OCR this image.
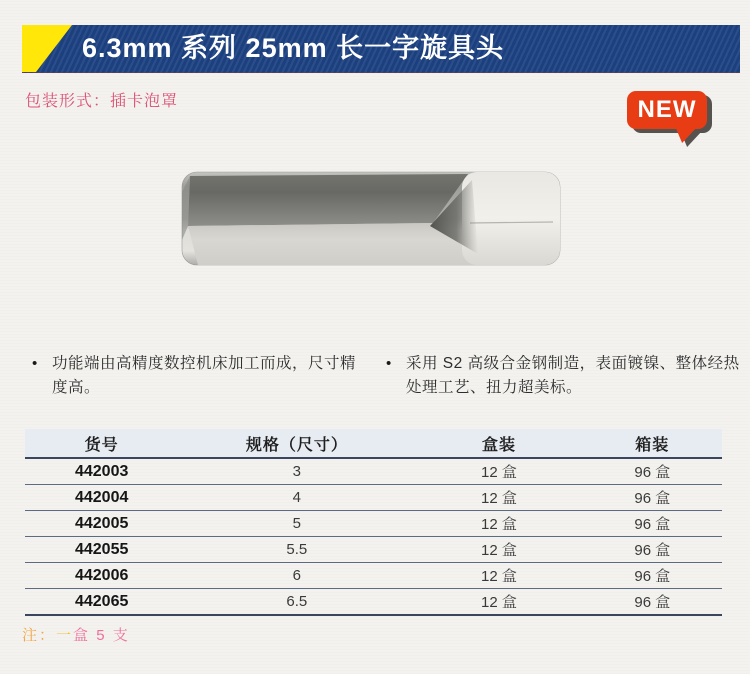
6.3mm 系列 25mm 长一字旋具头
包装形式：插卡泡罩	NEW
• 功能端由高精度数控机床加工而成，尺寸精度高。
• 采用 S2 高级合金钢制造，表面镀镍、整体经热处理工艺、扭力超美标。
货号	规格（尺寸）	盒装	箱装
442003	3	12 盒	96 盒
442004	4	12 盒	96 盒
442005	5	12 盒	96 盒
442055	5.5	12 盒	96 盒
442006	6	12 盒	96 盒
442065	6.5	12 盒	96 盒
注：一盒 5 支
